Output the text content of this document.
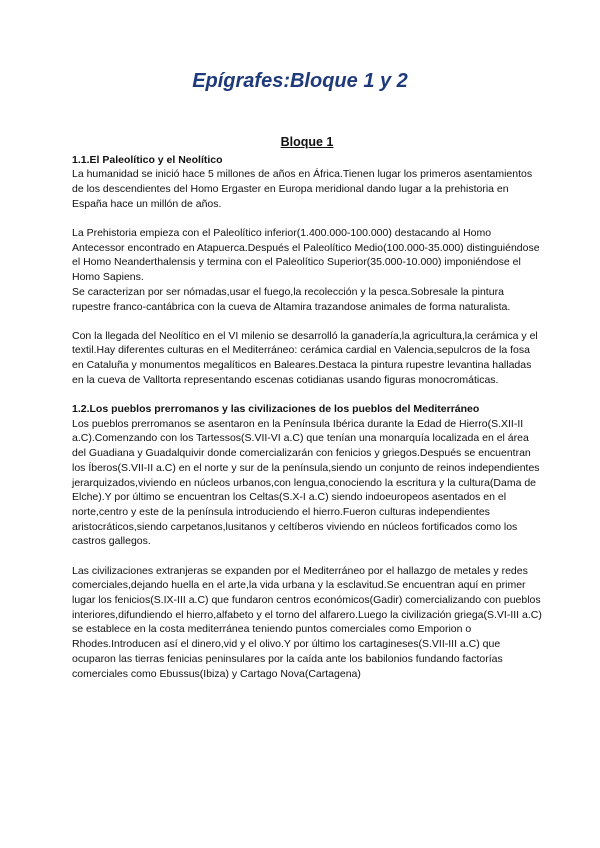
Epígrafes:Bloque 1 y 2
Bloque 1
1.1.El Paleolítico y el Neolítico

La humanidad se inició hace 5 millones de años en África.Tienen lugar los primeros asentamientos de los descendientes del Homo Ergaster en Europa meridional dando lugar a la prehistoria en España hace un millón de años.

La Prehistoria empieza con el Paleolítico inferior(1.400.000-100.000) destacando al Homo Antecessor encontrado en Atapuerca.Después el Paleolítico Medio(100.000-35.000) distinguiéndose el Homo Neanderthalensis y termina con el Paleolítico Superior(35.000-10.000) imponiéndose el Homo Sapiens.

Se caracterizan por ser nómadas,usar el fuego,la recolección y la pesca.Sobresale la pintura rupestre franco-cantábrica con la cueva de Altamira trazandose animales de forma naturalista.

Con la llegada del Neolítico en el VI milenio se desarrolló la ganadería,la agricultura,la cerámica y el textil.Hay diferentes culturas en el Mediterráneo: cerámica cardial en Valencia,sepulcros de la fosa en Cataluña y monumentos megalíticos en Baleares.Destaca la pintura rupestre levantina halladas en la cueva de Valltorta representando escenas cotidianas usando figuras monocromáticas.

1.2.Los pueblos prerromanos y las civilizaciones de los pueblos del Mediterráneo

Los pueblos prerromanos se asentaron en la Península Ibérica durante la Edad de Hierro(S.XII-II a.C).Comenzando con los Tartessos(S.VII-VI a.C) que tenían una monarquía localizada en el área del Guadiana y Guadalquivir donde comercializarán con fenicios y griegos.Después se encuentran los Íberos(S.VII-II a.C) en el norte y sur de la península,siendo un conjunto de reinos independientes jerarquizados,viviendo en núcleos urbanos,con lengua,conociendo la escritura y la cultura(Dama de Elche).Y por último se encuentran los Celtas(S.X-I a.C) siendo indoeuropeos asentados en el norte,centro y este de la península introduciendo el hierro.Fueron culturas independientes aristocráticos,siendo carpetanos,lusitanos y celtíberos viviendo en núcleos fortificados como los castros gallegos.

Las civilizaciones extranjeras se expanden por el Mediterráneo por el hallazgo de metales y redes comerciales,dejando huella en el arte,la vida urbana y la esclavitud.Se encuentran aquí en primer lugar los fenicios(S.IX-III a.C) que fundaron centros económicos(Gadir) comercializando con pueblos interiores,difundiendo el hierro,alfabeto y el torno del alfarero.Luego la civilización griega(S.VI-III a.C) se establece en la costa mediterránea teniendo puntos comerciales como Emporion o Rhodes.Introducen así el dinero,vid y el olivo.Y por último los cartagineses(S.VII-III a.C) que ocuparon las tierras fenicias peninsulares por la caída ante los babilonios fundando factorías comerciales como Ebussus(Ibiza) y Cartago Nova(Cartagena)
